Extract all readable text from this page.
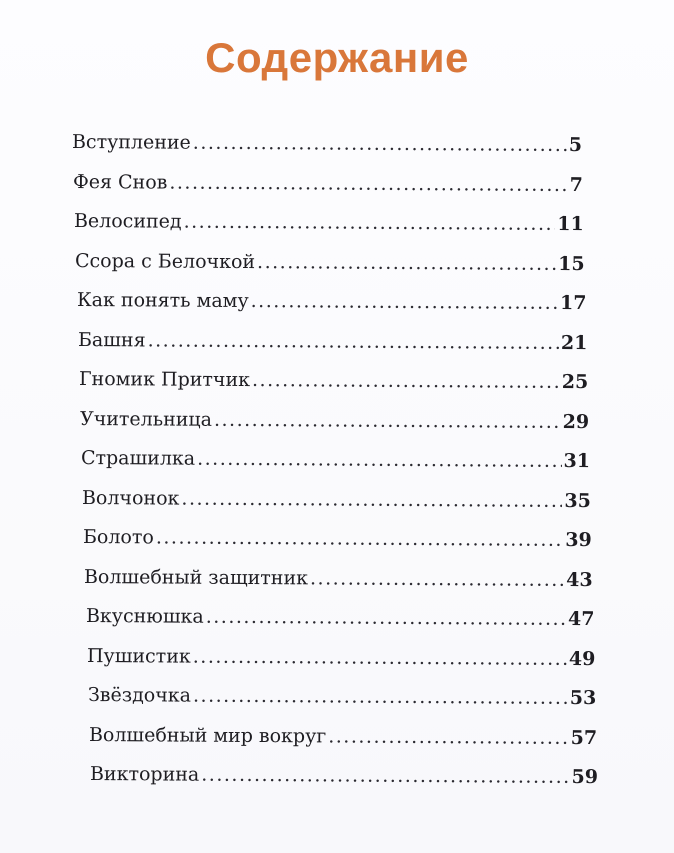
Содержание
Вступление .....	5
Фея Снов .....	7
Велосипед .....	11
Ссора с Белочкой .....	15
Как понять маму .....	17
Башня .....	21
Гномик Притчик .....	25
Учительница .....	29
Страшилка .....	31
Волчонок .....	35
Болото .....	39
Волшебный защитник .....	43
Вкуснюшка .....	47
Пушистик .....	49
Звёздочка .....	53
Волшебный мир вокруг .....	57
Викторина .....	59
